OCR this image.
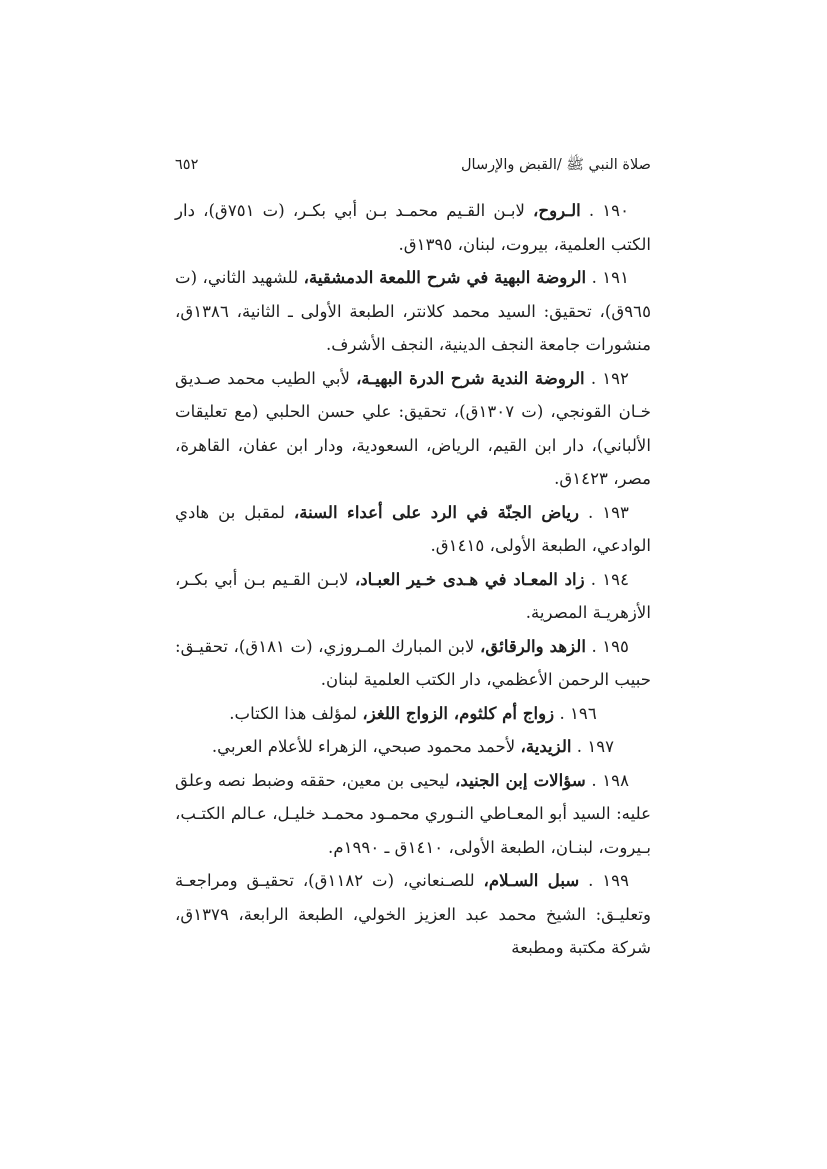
صلاة النبي ﷺ /القبض والإرسال
٦٥٢

١٩٠ . الـروح، لابـن القـيم محمـد بـن أبي بكـر، (ت ٧٥١ق)، دار الكتب العلمية، بيروت، لبنان، ١٣٩٥ق.

١٩١ . الروضة البهية في شرح اللمعة الدمشقية، للشهيد الثاني، (ت ٩٦٥ق)، تحقيق: السيد محمد كلانتر، الطبعة الأولى ـ الثانية، ١٣٨٦ق، منشورات جامعة النجف الدينية، النجف الأشرف.

١٩٢ . الروضة الندية شرح الدرة البهيـة، لأبي الطيب محمد صـديق خـان القونجي، (ت ١٣٠٧ق)، تحقيق: علي حسن الحلبي (مع تعليقات الألباني)، دار ابن القيم، الرياض، السعودية، ودار ابن عفان، القاهرة، مصر، ١٤٢٣ق.

١٩٣ . رياض الجنّة في الرد على أعداء السنة، لمقبل بن هادي الوادعي، الطبعة الأولى، ١٤١٥ق.

١٩٤ . زاد المعـاد في هـدى خـير العبـاد، لابـن القـيم بـن أبي بكـر، الأزهريـة المصرية.

١٩٥ . الزهد والرقائق، لابن المبارك المـروزي، (ت ١٨١ق)، تحقيـق: حبيب الرحمن الأعظمي، دار الكتب العلمية لبنان.

١٩٦ . زواج أم كلثوم، الزواج اللغز، لمؤلف هذا الكتاب.

١٩٧ . الزيدية، لأحمد محمود صبحي، الزهراء للأعلام العربي.

١٩٨ . سؤالات إبن الجنيد، ليحيى بن معين، حققه وضبط نصه وعلق عليه: السيد أبو المعـاطي النـوري محمـود محمـد خليـل، عـالم الكتـب، بـيروت، لبنـان، الطبعة الأولى، ١٤١٠ق ـ ١٩٩٠م.

١٩٩ . سبل السـلام، للصـنعاني، (ت ١١٨٢ق)، تحقيـق ومراجعـة وتعليـق: الشيخ محمد عبد العزيز الخولي، الطبعة الرابعة، ١٣٧٩ق، شركة مكتبة ومطبعة
